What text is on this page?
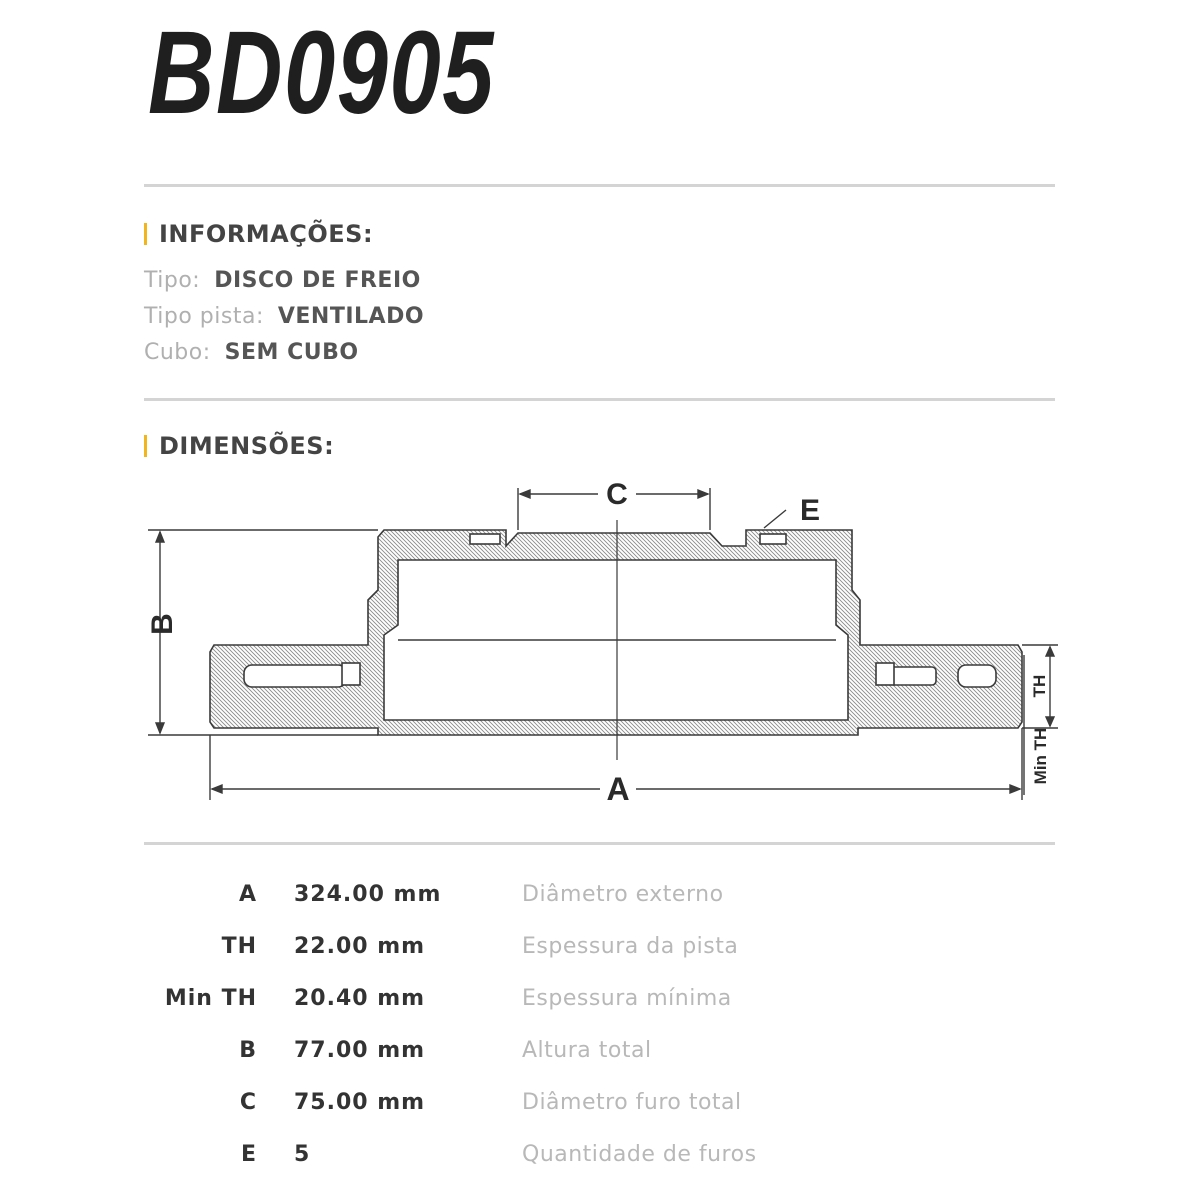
BD0905
INFORMAÇÕES:
Tipo: DISCO DE FREIO
Tipo pista: VENTILADO
Cubo: SEM CUBO
DIMENSÕES:
C	E
A
B
TH
Min TH
A 324.00 mm	Diâmetro externo
TH 22.00 mm	Espessura da pista
Min TH 20.40 mm	Espessura mínima
B 77.00 mm	Altura total
C 75.00 mm	Diâmetro furo total
E 5	Quantidade de furos
